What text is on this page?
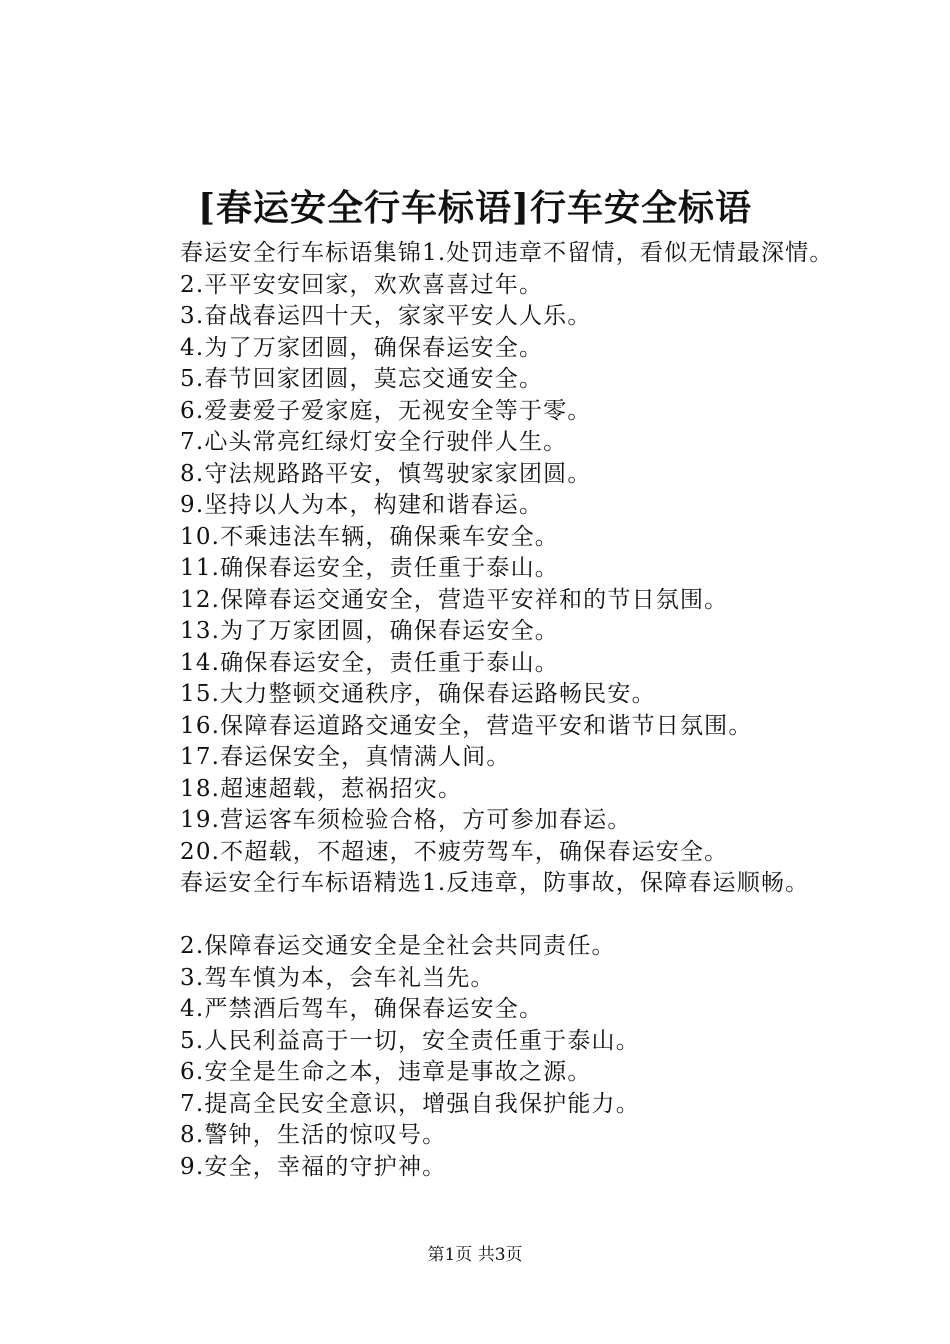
[春运安全行车标语]行车安全标语

春运安全行车标语集锦1.处罚违章不留情，看似无情最深情。

2.平平安安回家，欢欢喜喜过年。

3.奋战春运四十天，家家平安人人乐。

4.为了万家团圆，确保春运安全。

5.春节回家团圆，莫忘交通安全。

6.爱妻爱子爱家庭，无视安全等于零。

7.心头常亮红绿灯安全行驶伴人生。

8.守法规路路平安，慎驾驶家家团圆。

9.坚持以人为本，构建和谐春运。

10.不乘违法车辆，确保乘车安全。

11.确保春运安全，责任重于泰山。

12.保障春运交通安全，营造平安祥和的节日氛围。

13.为了万家团圆，确保春运安全。

14.确保春运安全，责任重于泰山。

15.大力整顿交通秩序，确保春运路畅民安。

16.保障春运道路交通安全，营造平安和谐节日氛围。

17.春运保安全，真情满人间。

18.超速超载，惹祸招灾。

19.营运客车须检验合格，方可参加春运。

20.不超载，不超速，不疲劳驾车，确保春运安全。

春运安全行车标语精选1.反违章，防事故，保障春运顺畅。

2.保障春运交通安全是全社会共同责任。

3.驾车慎为本，会车礼当先。

4.严禁酒后驾车，确保春运安全。

5.人民利益高于一切，安全责任重于泰山。

6.安全是生命之本，违章是事故之源。

7.提高全民安全意识，增强自我保护能力。

8.警钟，生活的惊叹号。

9.安全，幸福的守护神。

第1页 共3页
